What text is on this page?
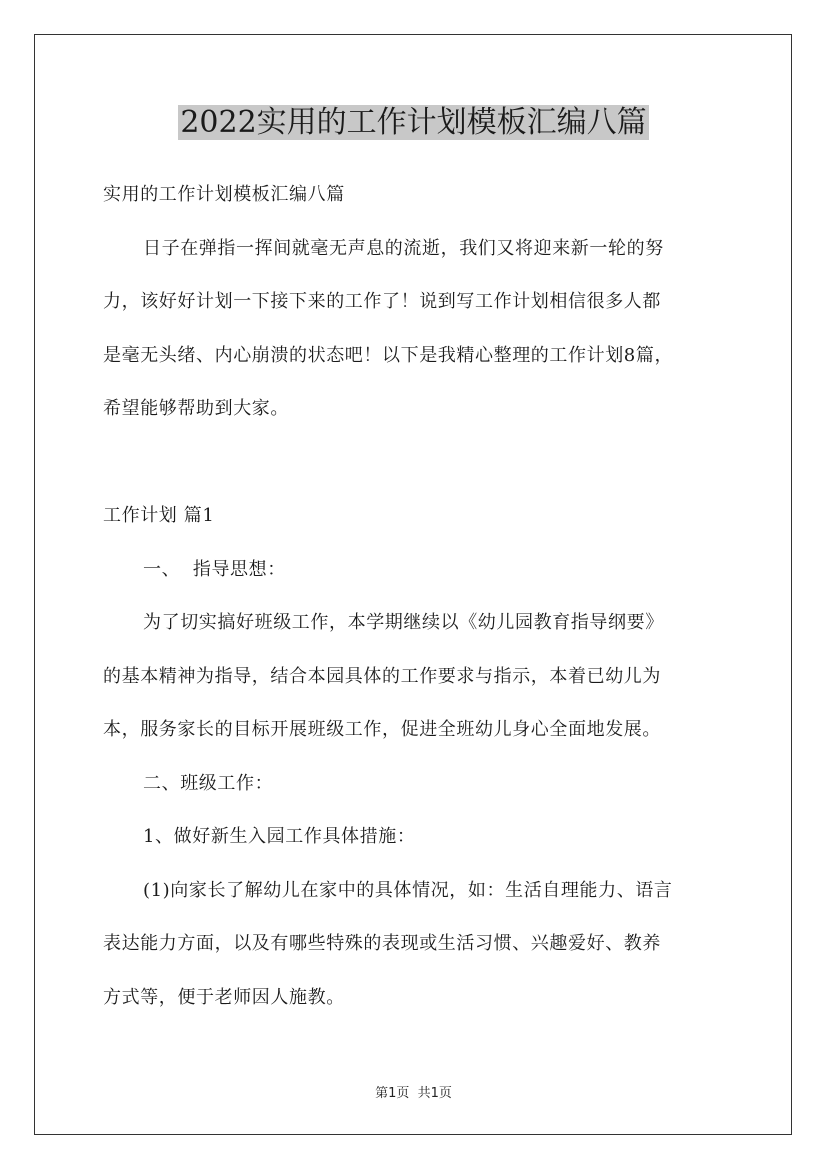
2022实用的工作计划模板汇编八篇

实用的工作计划模板汇编八篇

日子在弹指一挥间就毫无声息的流逝，我们又将迎来新一轮的努

力，该好好计划一下接下来的工作了！说到写工作计划相信很多人都

是毫无头绪、内心崩溃的状态吧！以下是我精心整理的工作计划8篇，

希望能够帮助到大家。

工作计划 篇1

一、  指导思想：

为了切实搞好班级工作，本学期继续以《幼儿园教育指导纲要》

的基本精神为指导，结合本园具体的工作要求与指示，本着已幼儿为

本，服务家长的目标开展班级工作，促进全班幼儿身心全面地发展。

二、班级工作：

1、做好新生入园工作具体措施：

(1)向家长了解幼儿在家中的具体情况，如：生活自理能力、语言

表达能力方面，以及有哪些特殊的表现或生活习惯、兴趣爱好、教养

方式等，便于老师因人施教。

第1页  共1页
